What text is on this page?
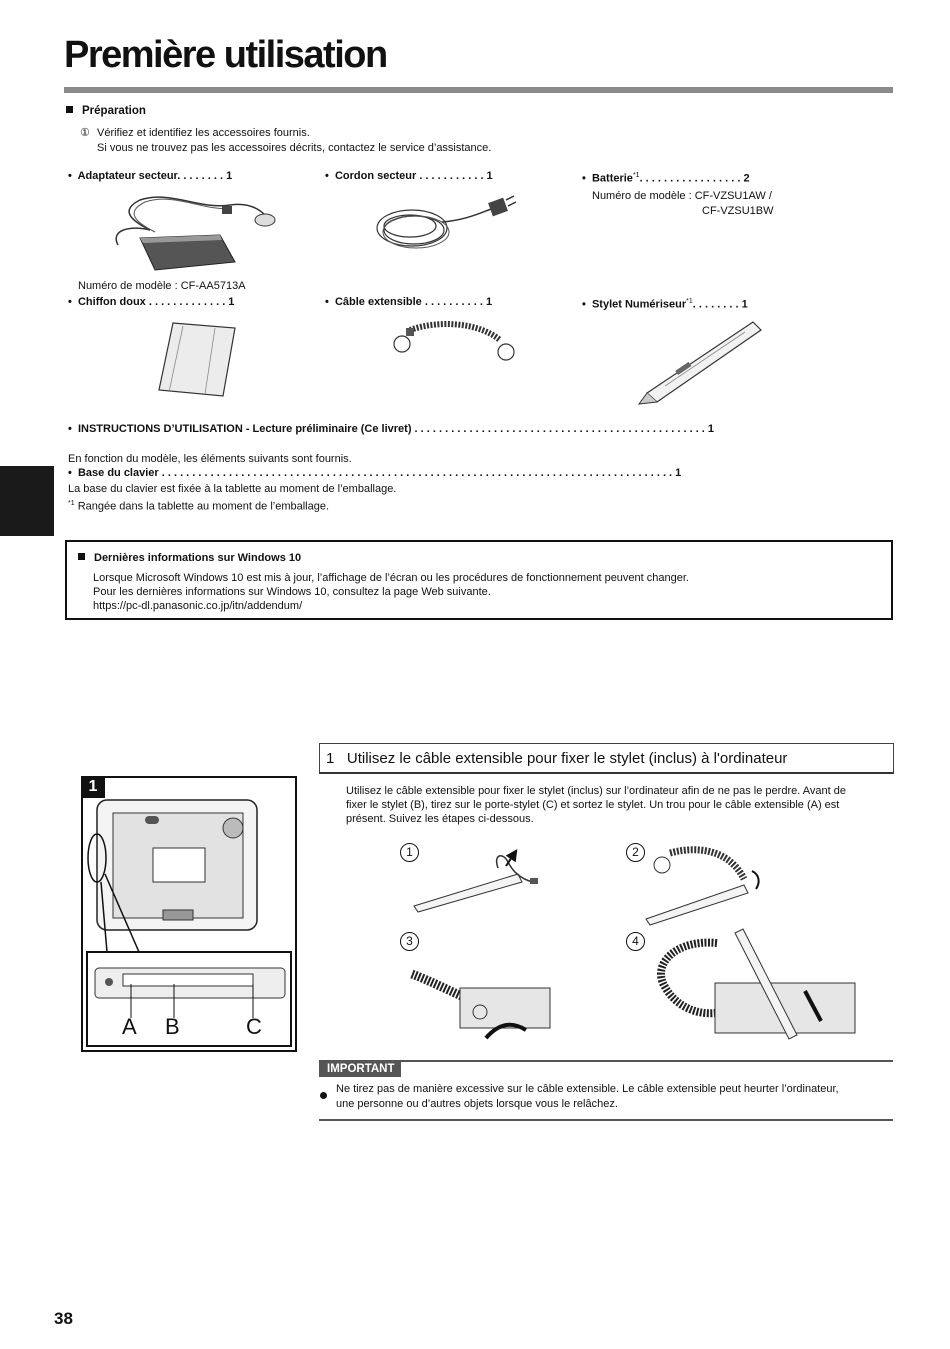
Première utilisation
Préparation
① Vérifiez et identifiez les accessoires fournis.
Si vous ne trouvez pas les accessoires décrits, contactez le service d’assistance.
•  Adaptateur secteur. . . . . . . . 1	•  Cordon secteur . . . . . . . . . . . 1	•  Batterie$^{*1}$. . . . . . . . . . . . . . . . . 2
Numéro de modèle : CF-VZSU1AW /
CF-VZSU1BW
Numéro de modèle : CF-AA5713A
•  Chiffon doux . . . . . . . . . . . . . 1	•  Câble extensible . . . . . . . . . . 1	•  Stylet Numériseur$^{*1}$. . . . . . . . 1
•  INSTRUCTIONS D’UTILISATION - Lecture préliminaire (Ce livret) . . . . . . . . . . . . . . . . . . . . . . . . . . . . . . . . . . . . . . . . . . . . . . . . 1
En fonction du modèle, les éléments suivants sont fournis.
•  Base du clavier . . . . . . . . . . . . . . . . . . . . . . . . . . . . . . . . . . . . . . . . . . . . . . . . . . . . . . . . . . . . . . . . . . . . . . . . . . . . . . . . . . . . 1
La base du clavier est fixée à la tablette au moment de l’emballage.
$^{*1}$ Rangée dans la tablette au moment de l’emballage.
Dernières informations sur Windows 10
Lorsque Microsoft Windows 10 est mis à jour, l’affichage de l’écran ou les procédures de fonctionnement peuvent changer.
Pour les dernières informations sur Windows 10, consultez la page Web suivante.
https://pc-dl.panasonic.co.jp/itn/addendum/
1
A B	C
1 Utilisez le câble extensible pour fixer le stylet (inclus) à l'ordinateur
Utilisez le câble extensible pour fixer le stylet (inclus) sur l’ordinateur afin de ne pas le perdre. Avant de
fixer le stylet (B), tirez sur le porte-stylet (C) et sortez le stylet. Un trou pour le câble extensible (A) est
présent. Suivez les étapes ci-dessous.
1	2
3	4
IMPORTANT
Ne tirez pas de manière excessive sur le câble extensible. Le câble extensible peut heurter l’ordinateur,
une personne ou d’autres objets lorsque vous le relâchez.
38
